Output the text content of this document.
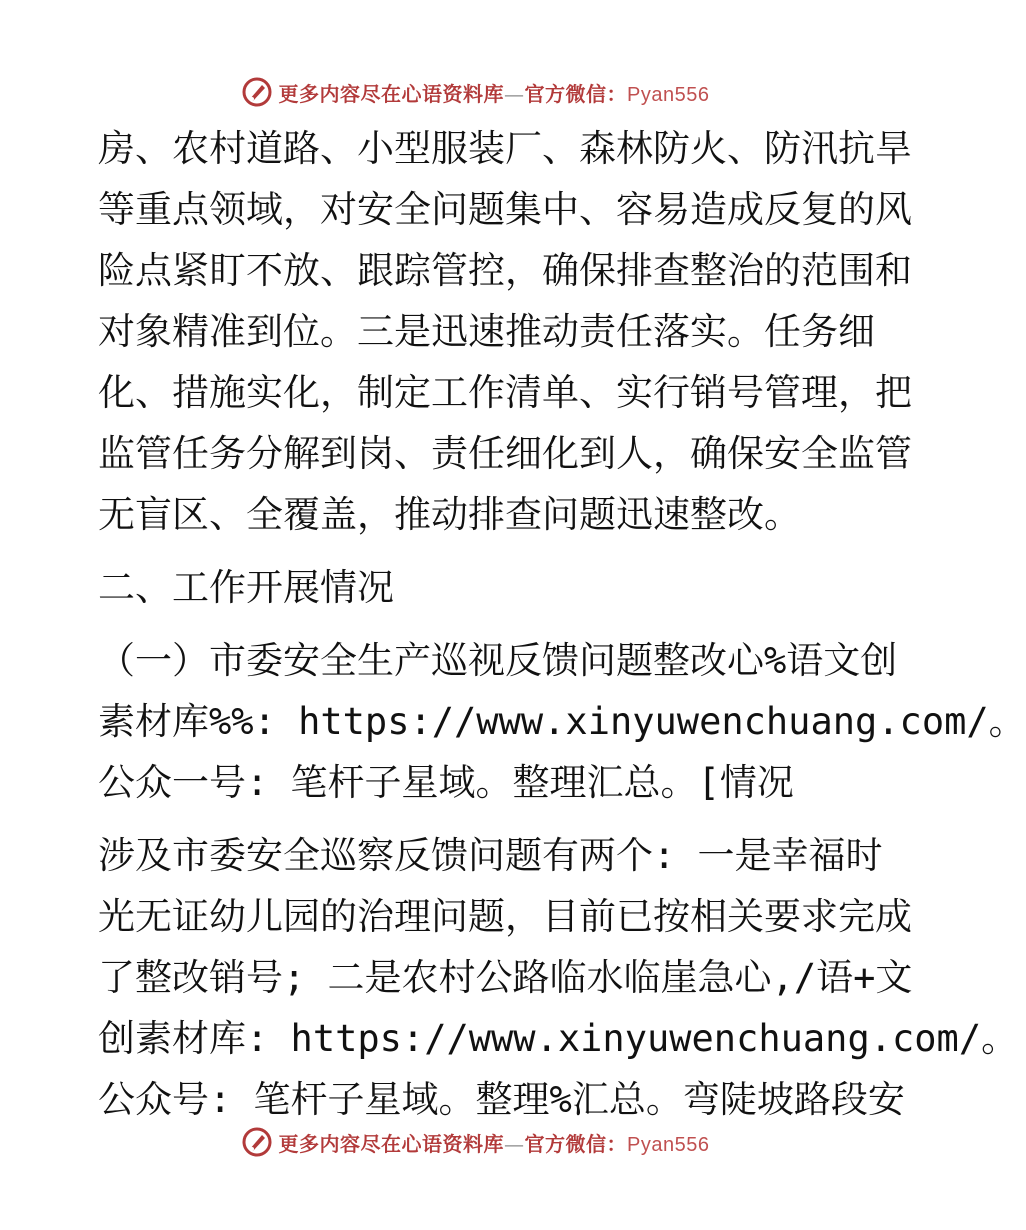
更多内容尽在心语资料库—官方微信：Pyan556
房、农村道路、小型服装厂、森林防火、防汛抗旱
等重点领域，对安全问题集中、容易造成反复的风
险点紧盯不放、跟踪管控，确保排查整治的范围和
对象精准到位。三是迅速推动责任落实。任务细
化、措施实化，制定工作清单、实行销号管理，把
监管任务分解到岗、责任细化到人，确保安全监管
无盲区、全覆盖，推动排查问题迅速整改。
二、工作开展情况
（一）市委安全生产巡视反馈问题整改心%语文创
素材库%%: https://www.xinyuwenchuang.com/。
公众一号: 笔杆子星域。整理汇总。[情况
涉及市委安全巡察反馈问题有两个: 一是幸福时
光无证幼儿园的治理问题，目前已按相关要求完成
了整改销号; 二是农村公路临水临崖急心,/语+文
创素材库: https://www.xinyuwenchuang.com/。
公众号: 笔杆子星域。整理%汇总。弯陡坡路段安
更多内容尽在心语资料库—官方微信：Pyan556
